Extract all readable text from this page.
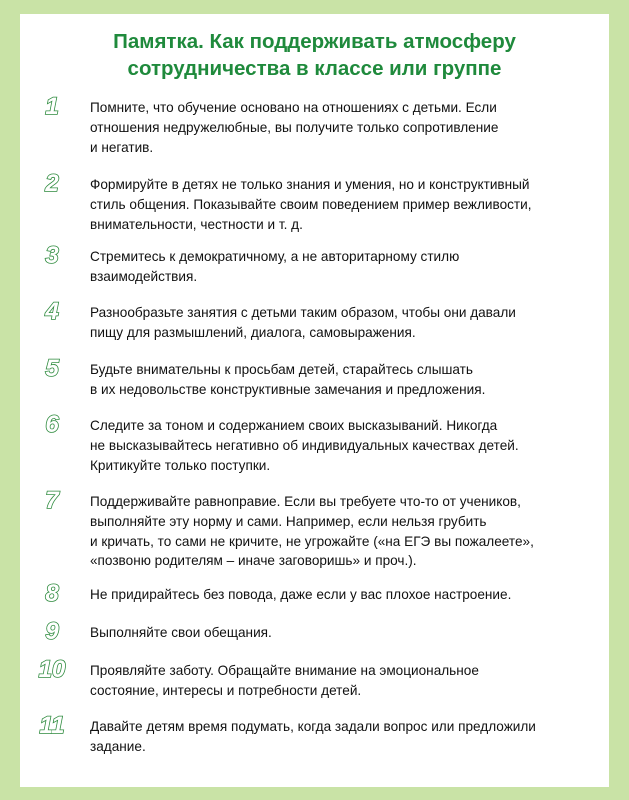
Памятка. Как поддерживать атмосферу
сотрудничества в классе или группе
1	Помните, что обучение основано на отношениях с детьми. Если
отношения недружелюбные, вы получите только сопротивление
и негатив.
2	Формируйте в детях не только знания и умения, но и конструктивный
стиль общения. Показывайте своим поведением пример вежливости,
внимательности, честности и т. д.
3	Стремитесь к демократичному, а не авторитарному стилю
взаимодействия.
4	Разнообразьте занятия с детьми таким образом, чтобы они давали
пищу для размышлений, диалога, самовыражения.
5	Будьте внимательны к просьбам детей, старайтесь слышать
в их недовольстве конструктивные замечания и предложения.
6	Следите за тоном и содержанием своих высказываний. Никогда
не высказывайтесь негативно об индивидуальных качествах детей.
Критикуйте только поступки.
7	Поддерживайте равноправие. Если вы требуете что-то от учеников,
выполняйте эту норму и сами. Например, если нельзя грубить
и кричать, то сами не кричите, не угрожайте («на ЕГЭ вы пожалеете»,
«позвоню родителям – иначе заговоришь» и проч.).
8	Не придирайтесь без повода, даже если у вас плохое настроение.
9	Выполняйте свои обещания.
10	Проявляйте заботу. Обращайте внимание на эмоциональное
состояние, интересы и потребности детей.
11	Давайте детям время подумать, когда задали вопрос или предложили
задание.
